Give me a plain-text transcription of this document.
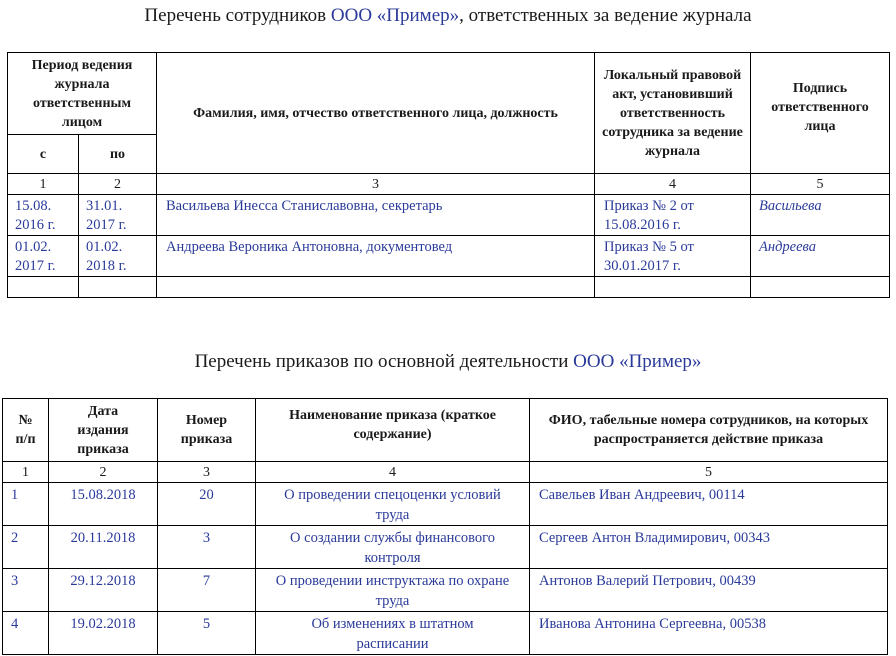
Перечень сотрудников ООО «Пример», ответственных за ведение журнала
Период ведения журнала ответственным лицом		Фамилия, имя, отчество ответственного лица, должность	Локальный правовой акт, установивший ответственность сотрудника за ведение журнала	Подпись ответственного лица
с	по			
1	2	3	4	5
15.08. 2016 г.	31.01. 2017 г.	Васильева Инесса Станиславовна, секретарь	Приказ № 2 от 15.08.2016 г.	Васильева
01.02. 2017 г.	01.02. 2018 г.	Андреева Вероника Антоновна, документовед	Приказ № 5 от 30.01.2017 г.	Андреева

Перечень приказов по основной деятельности ООО «Пример»
№ п/п	Дата издания приказа	Номер приказа	Наименование приказа (краткое содержание)	ФИО, табельные номера сотрудников, на которых распространяется действие приказа
1	2	3	4	5
1	15.08.2018	20	О проведении спецоценки условий труда	Савельев Иван Андреевич, 00114
2	20.11.2018	3	О создании службы финансового контроля	Сергеев Антон Владимирович, 00343
3	29.12.2018	7	О проведении инструктажа по охране труда	Антонов Валерий Петрович, 00439
4	19.02.2018	5	Об изменениях в штатном расписании	Иванова Антонина Сергеевна, 00538
